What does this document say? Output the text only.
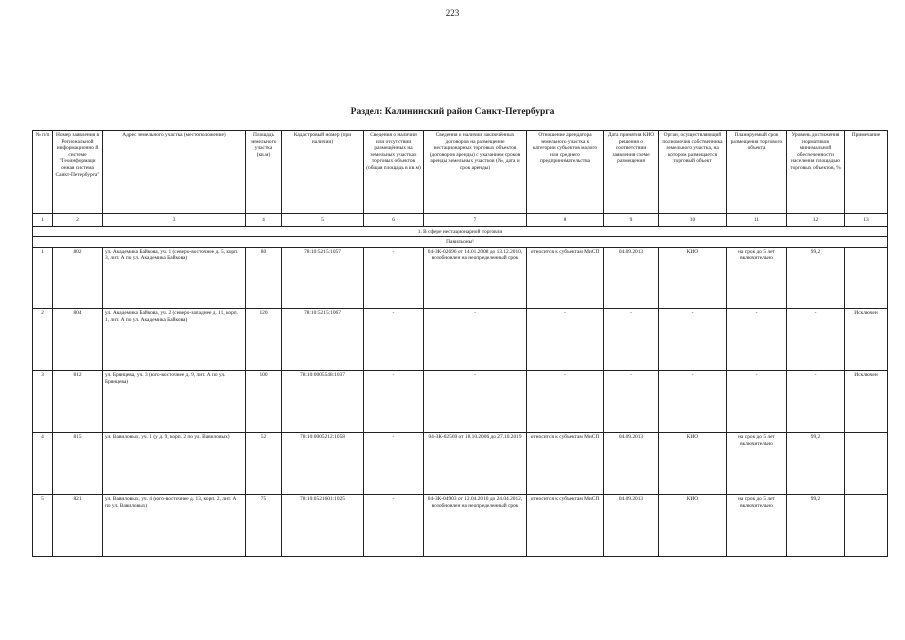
223
Раздел: Калининский район Санкт-Петербурга
№ п/п	Номер заявления в Региональной информационно й системе "Геоинформаци онная система Санкт-Петербурга"	Адрес земельного участка (местоположение)	Площадь земельного участка (кв.м)	Кадастровый номер (при наличии)	Сведения о наличии или отсутствии размещённых на земельных участках торговых объектов (общая площадь в кв.м)	Сведения о наличии заключённых договоров на размещение нестационарных торговых объектов (договоров аренды) с указанием сроков аренды земельных участков (№, дата и срок аренды)	Отношение арендатора земельного участка к категории субъектов малого или среднего предпринимательства	Дата принятия КИО решения о соответствии заявления схеме размещения	Орган, осуществляющий полномочия собственника земельного участка, на котором размещается торговый объект	Планируемый срок размещения торгового объекта	Уровень достижения нормативов минимальной обеспеченности населения площадью торговых объектов, %	Примечание
1	2	3	4	5	6	7	8	9	10	11	12	13
1. В сфере нестационарной торговли												
Павильоны¹												
1	802	ул. Академика Байкова, уч. 1 (северо-восточнее д. 5, корп. 3, лит. А по ул. Академика Байкова)	80	78:10:5215:1057	-	04-ЗК-02696 от 14.01.2008 до 13.12.2010, возобновлен на неопределенный срок	относится к субъектам МиСП	04.09.2013	КИО	на срок до 5 лет включительно	99,2	
2	804	ул. Академика Байкова, уч. 2 (северо-западнее д. 11, корп. 1, лит. А по ул. Академика Байкова)	120	78:10:5215:1067	-	-	-	-	-	-	-	Исключен
3	812	ул. Брянцева, уч. 3 (юго-восточнее д. 9, лит. А по ул. Брянцева)	100	78:10:0005548:1037	-	-	-	-	-	-	-	Исключен
4	815	ул. Вавиловых, уч. 1 (у д. 9, корп. 2 по ул. Вавиловых)	52	78:10:0005212:1058	-	04-ЗК-02569 от 18.10.2006 до 27.10.2019	относится к субъектам МиСП	04.09.2013	КИО	на срок до 5 лет включительно	99,2	
5	821	ул. Вавиловых, уч. 4 (юго-восточнее д. 13, корп. 2, лит. А по ул. Вавиловых)	75	78:10:0521601:1025	-	04-ЗК-04903 от 12.04.2010 до 24.04.2012, возобновлен на неопределенный срок	относится к субъектам МиСП	04.09.2013	КИО	на срок до 5 лет включительно	99,2	
